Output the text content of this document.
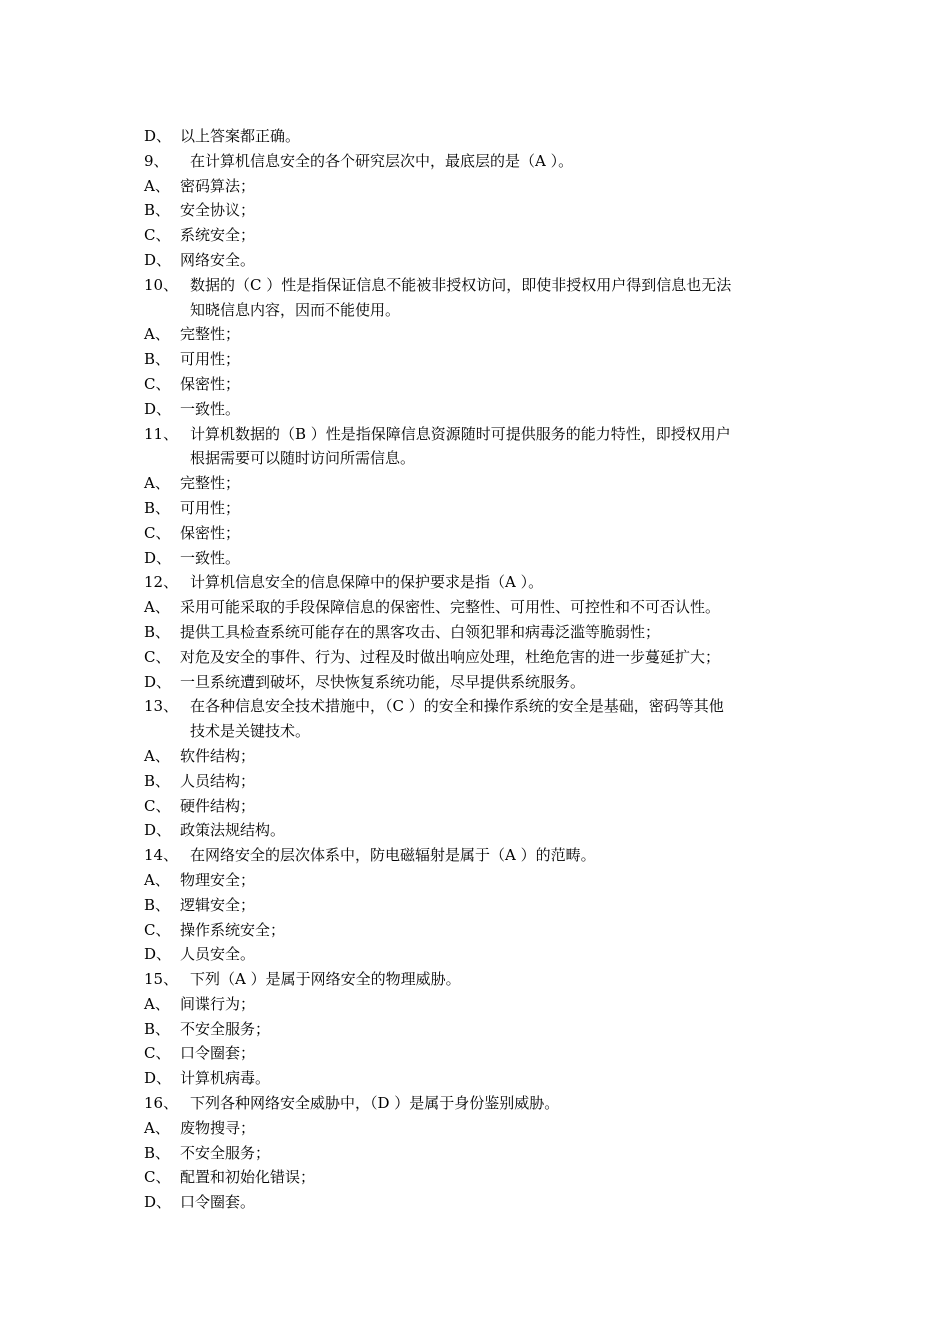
D、 以上答案都正确。
9、 在计算机信息安全的各个研究层次中，最底层的是（A ）。
A、 密码算法；
B、 安全协议；
C、 系统安全；
D、 网络安全。
10、 数据的（C ）性是指保证信息不能被非授权访问，即使非授权用户得到信息也无法
知晓信息内容，因而不能使用。
A、 完整性；
B、 可用性；
C、 保密性；
D、 一致性。
11、 计算机数据的（B ）性是指保障信息资源随时可提供服务的能力特性，即授权用户
根据需要可以随时访问所需信息。
A、 完整性；
B、 可用性；
C、 保密性；
D、 一致性。
12、 计算机信息安全的信息保障中的保护要求是指（A ）。
A、 采用可能采取的手段保障信息的保密性、完整性、可用性、可控性和不可否认性。
B、 提供工具检查系统可能存在的黑客攻击、白领犯罪和病毒泛滥等脆弱性；
C、 对危及安全的事件、行为、过程及时做出响应处理，杜绝危害的进一步蔓延扩大；
D、 一旦系统遭到破坏，尽快恢复系统功能，尽早提供系统服务。
13、 在各种信息安全技术措施中，（C ）的安全和操作系统的安全是基础，密码等其他
技术是关键技术。
A、 软件结构；
B、 人员结构；
C、 硬件结构；
D、 政策法规结构。
14、 在网络安全的层次体系中，防电磁辐射是属于（A ）的范畴。
A、 物理安全；
B、 逻辑安全；
C、 操作系统安全；
D、 人员安全。
15、 下列（A ）是属于网络安全的物理威胁。
A、 间谍行为；
B、 不安全服务；
C、 口令圈套；
D、 计算机病毒。
16、 下列各种网络安全威胁中，（D ）是属于身份鉴别威胁。
A、 废物搜寻；
B、 不安全服务；
C、 配置和初始化错误；
D、 口令圈套。
